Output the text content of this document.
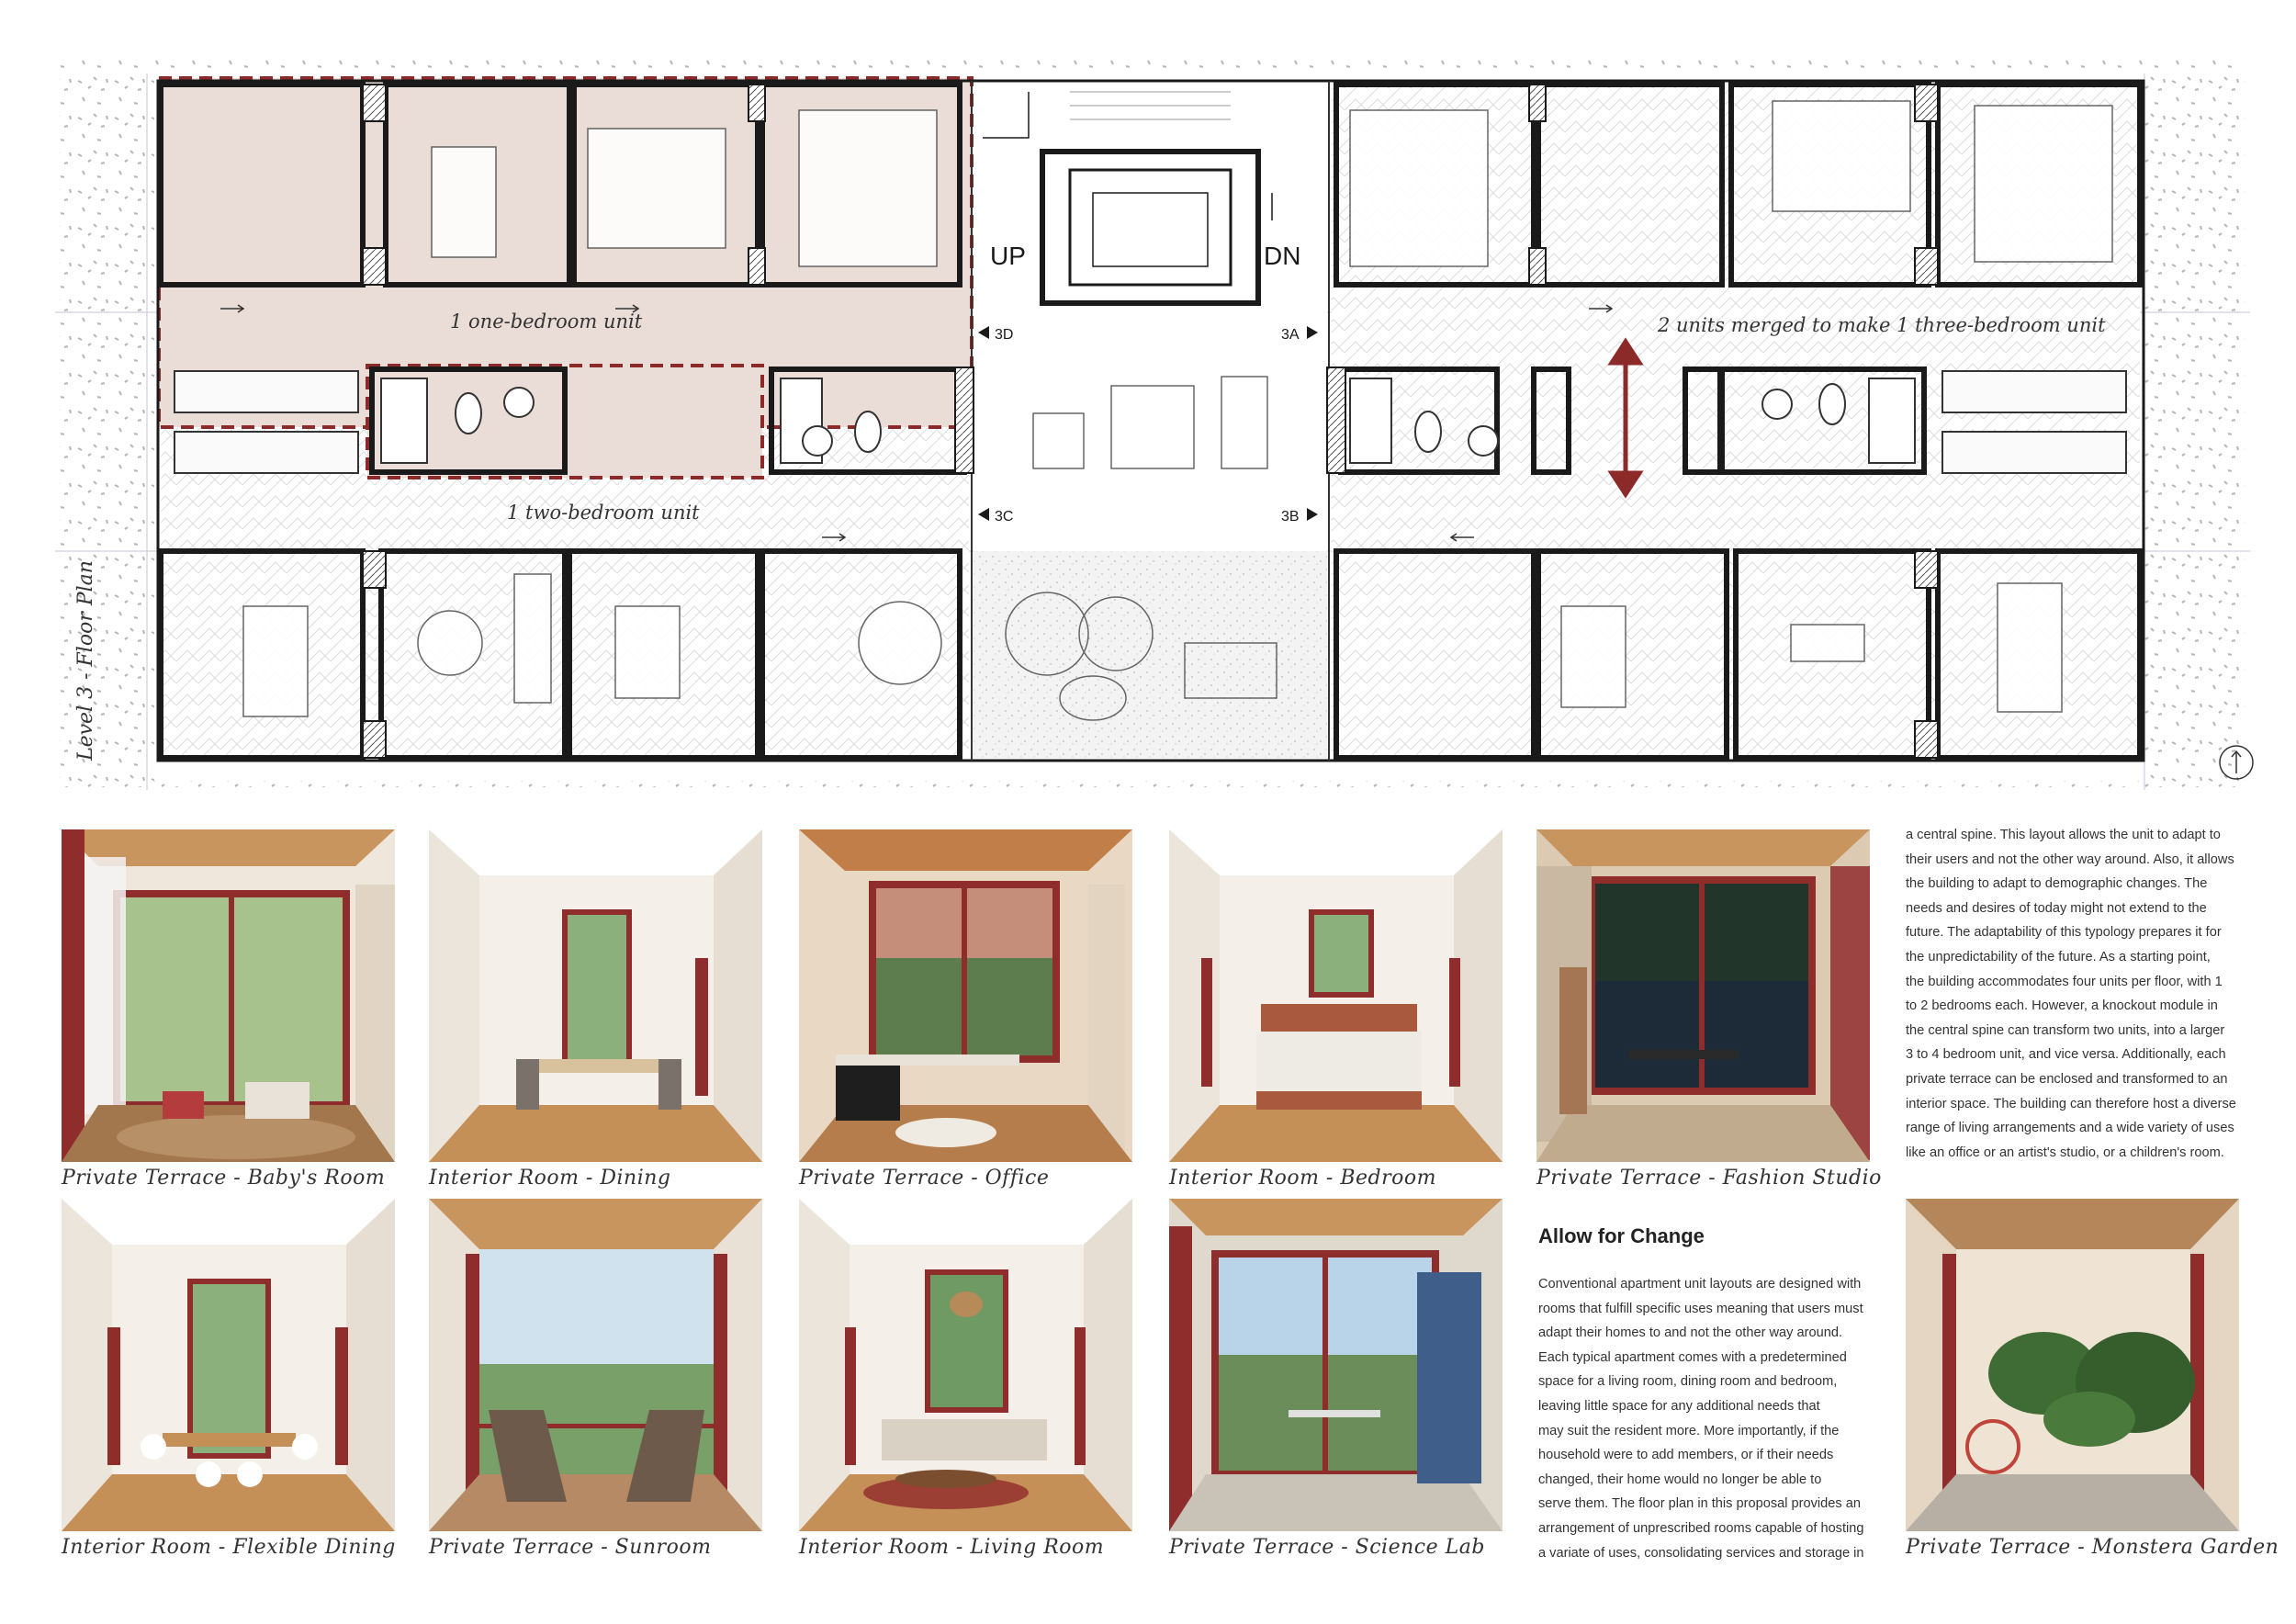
UP	DN
3D	3A
3C	3B
1 one-bedroom unit
1 two-bedroom unit
2 units merged to make 1 three-bedroom unit
Level 3 - Floor Plan
Private Terrace - Baby's Room Interior Room - Dining	Private Terrace - Office	Interior Room - Bedroom	Private Terrace - Fashion Studio
Interior Room - Flexible Dining Private Terrace - Sunroom	Interior Room - Living Room	Private Terrace - Science Lab	Private Terrace - Monstera Garden
Allow for Change
Conventional apartment unit layouts are designed with
rooms that fulfill specific uses meaning that users must
adapt their homes to and not the other way around.
Each typical apartment comes with a predetermined
space for a living room, dining room and bedroom,
leaving little space for any additional needs that
may suit the resident more. More importantly, if the
household were to add members, or if their needs
changed, their home would no longer be able to
serve them. The floor plan in this proposal provides an
arrangement of unprescribed rooms capable of hosting
a variate of uses, consolidating services and storage in
a central spine. This layout allows the unit to adapt to
their users and not the other way around. Also, it allows
the building to adapt to demographic changes. The
needs and desires of today might not extend to the
future. The adaptability of this typology prepares it for
the unpredictability of the future. As a starting point,
the building accommodates four units per floor, with 1
to 2 bedrooms each. However, a knockout module in
the central spine can transform two units, into a larger
3 to 4 bedroom unit, and vice versa. Additionally, each
private terrace can be enclosed and transformed to an
interior space. The building can therefore host a diverse
range of living arrangements and a wide variety of uses
like an office or an artist's studio, or a children's room.
